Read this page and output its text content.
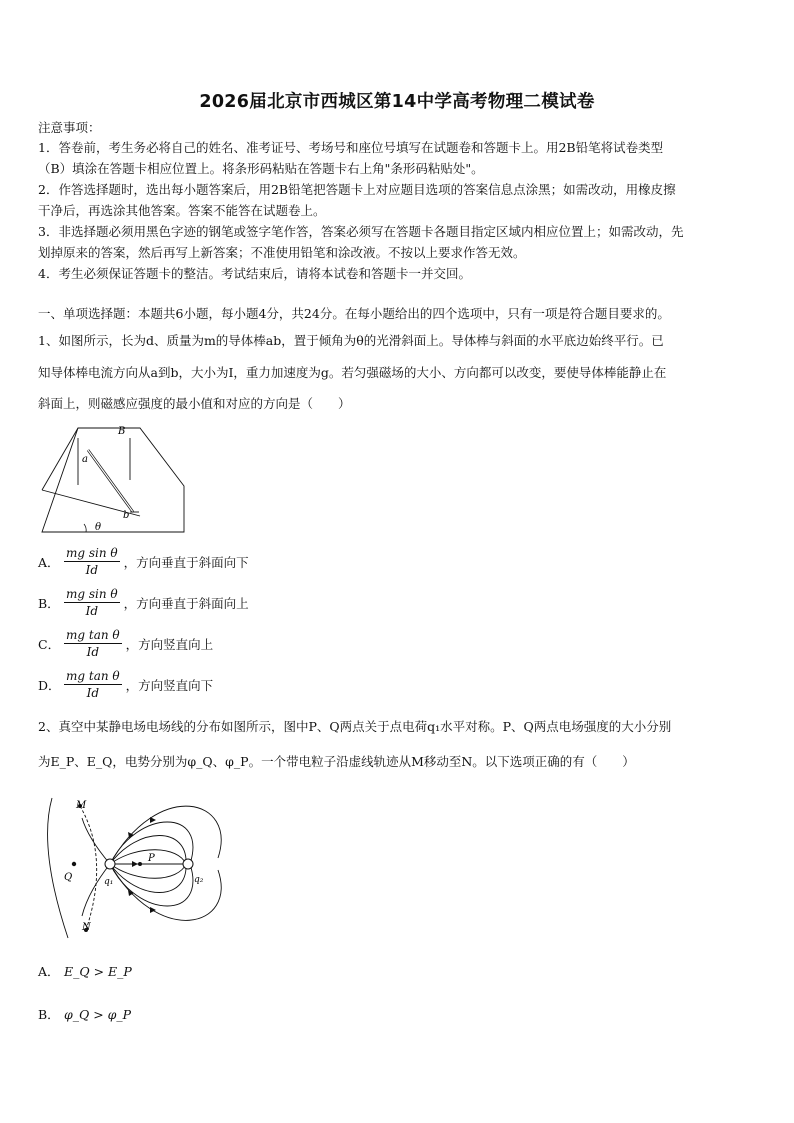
2026届北京市西城区第14中学高考物理二模试卷
注意事项：
1．答卷前，考生务必将自己的姓名、准考证号、考场号和座位号填写在试题卷和答题卡上。用2B铅笔将试卷类型
（B）填涂在答题卡相应位置上。将条形码粘贴在答题卡右上角"条形码粘贴处"。
2．作答选择题时，选出每小题答案后，用2B铅笔把答题卡上对应题目选项的答案信息点涂黑；如需改动，用橡皮擦
干净后，再选涂其他答案。答案不能答在试题卷上。
3．非选择题必须用黑色字迹的钢笔或签字笔作答，答案必须写在答题卡各题目指定区域内相应位置上；如需改动，先
划掉原来的答案，然后再写上新答案；不准使用铅笔和涂改液。不按以上要求作答无效。
4．考生必须保证答题卡的整洁。考试结束后，请将本试卷和答题卡一并交回。
一、单项选择题：本题共6小题，每小题4分，共24分。在每小题给出的四个选项中，只有一项是符合题目要求的。
1、如图所示，长为d、质量为m的导体棒ab，置于倾角为θ的光滑斜面上。导体棒与斜面的水平底边始终平行。已
知导体棒电流方向从a到b，大小为I，重力加速度为g。若匀强磁场的大小、方向都可以改变，要使导体棒能静止在
斜面上，则磁感应强度的最小值和对应的方向是（　　）
B
a
b
θ
A． $\frac{\text{mg sin θ}}{Id}$ ，方向垂直于斜面向下
B． $\frac{\text{mg sin θ}}{Id}$ ，方向垂直于斜面向上
C． $\frac{\text{mg tan θ}}{Id}$ ，方向竖直向上
D． $\frac{\text{mg tan θ}}{Id}$ ，方向竖直向下
2、真空中某静电场电场线的分布如图所示，图中P、Q两点关于点电荷q₁水平对称。P、Q两点电场强度的大小分别
为E_P、E_Q，电势分别为φ_Q、φ_P。一个带电粒子沿虚线轨迹从M移动至N。以下选项正确的有（　　）
M
N
P
Q	q₁	q₂
A． E_Q > E_P
B． φ_Q > φ_P
